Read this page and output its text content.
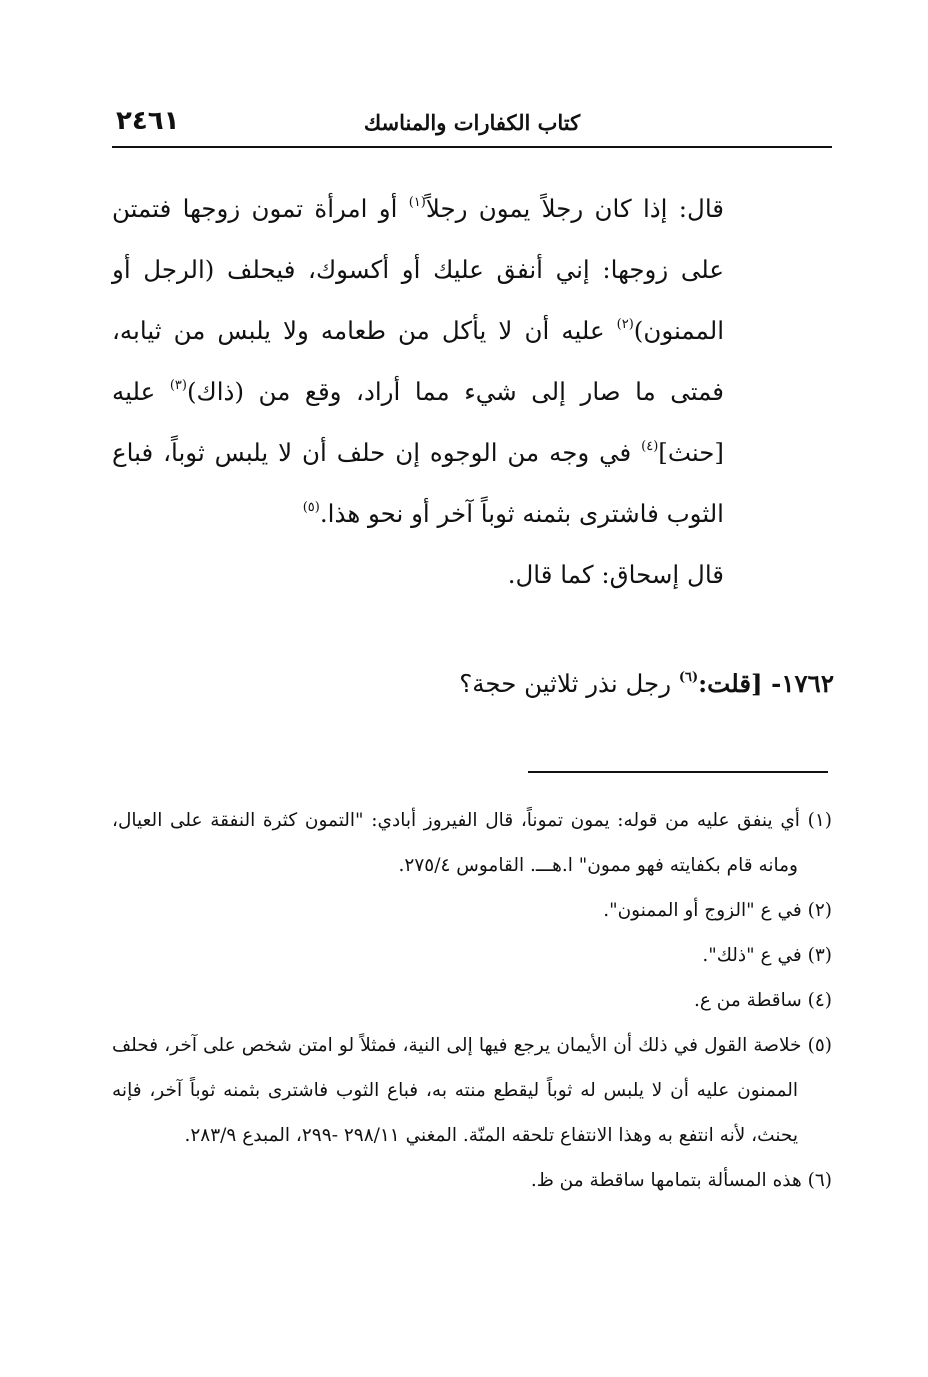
٢٤٦١	كتاب الكفارات والمناسك

قال: إذا كان رجلاً يمون رجلاً$^{(١)}$ أو امرأة تمون زوجها فتمتن على زوجها: إني أنفق عليك أو أكسوك، فيحلف (الرجل أو الممنون)$^{(٢)}$ عليه أن لا يأكل من طعامه ولا يلبس من ثيابه، فمتى ما صار إلى شيء مما أراد، وقع من (ذاك)$^{(٣)}$ عليه [حنث]$^{(٤)}$ في وجه من الوجوه إن حلف أن لا يلبس ثوباً، فباع الثوب فاشترى بثمنه ثوباً آخر أو نحو هذا.$^{(٥)}$

قال إسحاق: كما قال.

١٧٦٢- [قلت:$^{(٦)}$ رجل نذر ثلاثين حجة؟

(١) أي ينفق عليه من قوله: يمون تموناً، قال الفيروز أبادي: "التمون كثرة النفقة على العيال، ومانه قام بكفايته فهو ممون" ا.هـــ. القاموس ٢٧٥/٤.

(٢) في ع "الزوج أو الممنون".

(٣) في ع "ذلك".

(٤) ساقطة من ع.

(٥) خلاصة القول في ذلك أن الأيمان يرجع فيها إلى النية، فمثلاً لو امتن شخص على آخر، فحلف الممنون عليه أن لا يلبس له ثوباً ليقطع منته به، فباع الثوب فاشترى بثمنه ثوباً آخر، فإنه يحنث، لأنه انتفع به وهذا الانتفاع تلحقه المنّة. المغني ٢٩٨/١١ -٢٩٩، المبدع ٢٨٣/٩.

(٦) هذه المسألة بتمامها ساقطة من ظ.
